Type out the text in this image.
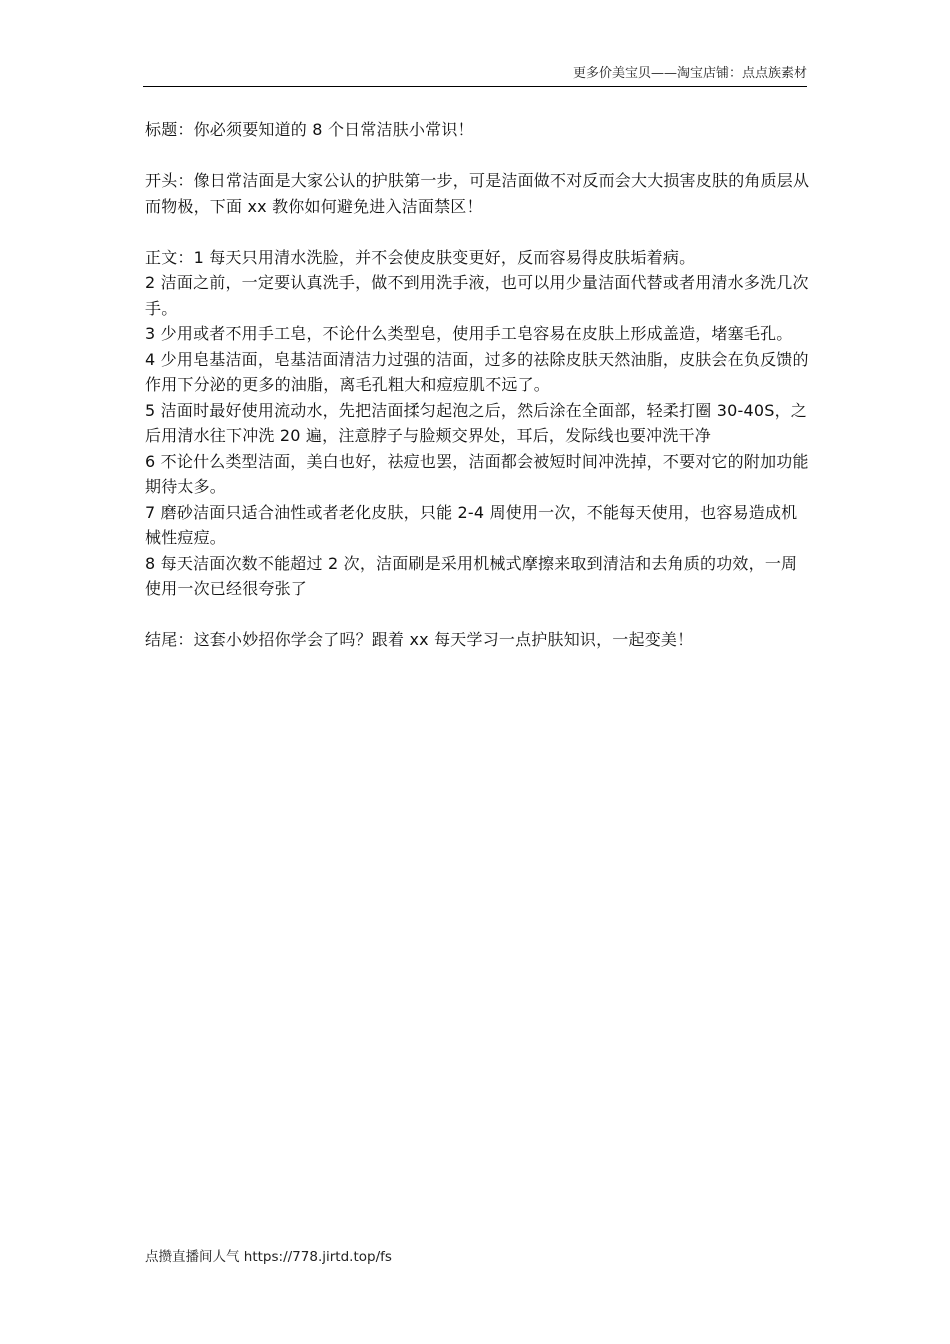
更多价美宝贝——淘宝店铺：点点族素材

标题：你必须要知道的 8 个日常洁肤小常识！

开头：像日常洁面是大家公认的护肤第一步，可是洁面做不对反而会大大损害皮肤的角质层从而物极，下面 xx 教你如何避免进入洁面禁区！

正文：1 每天只用清水洗脸，并不会使皮肤变更好，反而容易得皮肤垢着病。

2 洁面之前，一定要认真洗手，做不到用洗手液，也可以用少量洁面代替或者用清水多洗几次手。

3 少用或者不用手工皂，不论什么类型皂，使用手工皂容易在皮肤上形成盖造，堵塞毛孔。

4 少用皂基洁面，皂基洁面清洁力过强的洁面，过多的祛除皮肤天然油脂，皮肤会在负反馈的作用下分泌的更多的油脂，离毛孔粗大和痘痘肌不远了。

5 洁面时最好使用流动水，先把洁面揉匀起泡之后，然后涂在全面部，轻柔打圈 30-40S，之后用清水往下冲洗 20 遍，注意脖子与脸颊交界处，耳后，发际线也要冲洗干净

6 不论什么类型洁面，美白也好，祛痘也罢，洁面都会被短时间冲洗掉，不要对它的附加功能期待太多。

7 磨砂洁面只适合油性或者老化皮肤，只能 2-4 周使用一次，不能每天使用，也容易造成机械性痘痘。

8 每天洁面次数不能超过 2 次，洁面刷是采用机械式摩擦来取到清洁和去角质的功效，一周使用一次已经很夸张了

结尾：这套小妙招你学会了吗？跟着 xx 每天学习一点护肤知识，一起变美！

点攒直播间人气 https://778.jirtd.top/fs
